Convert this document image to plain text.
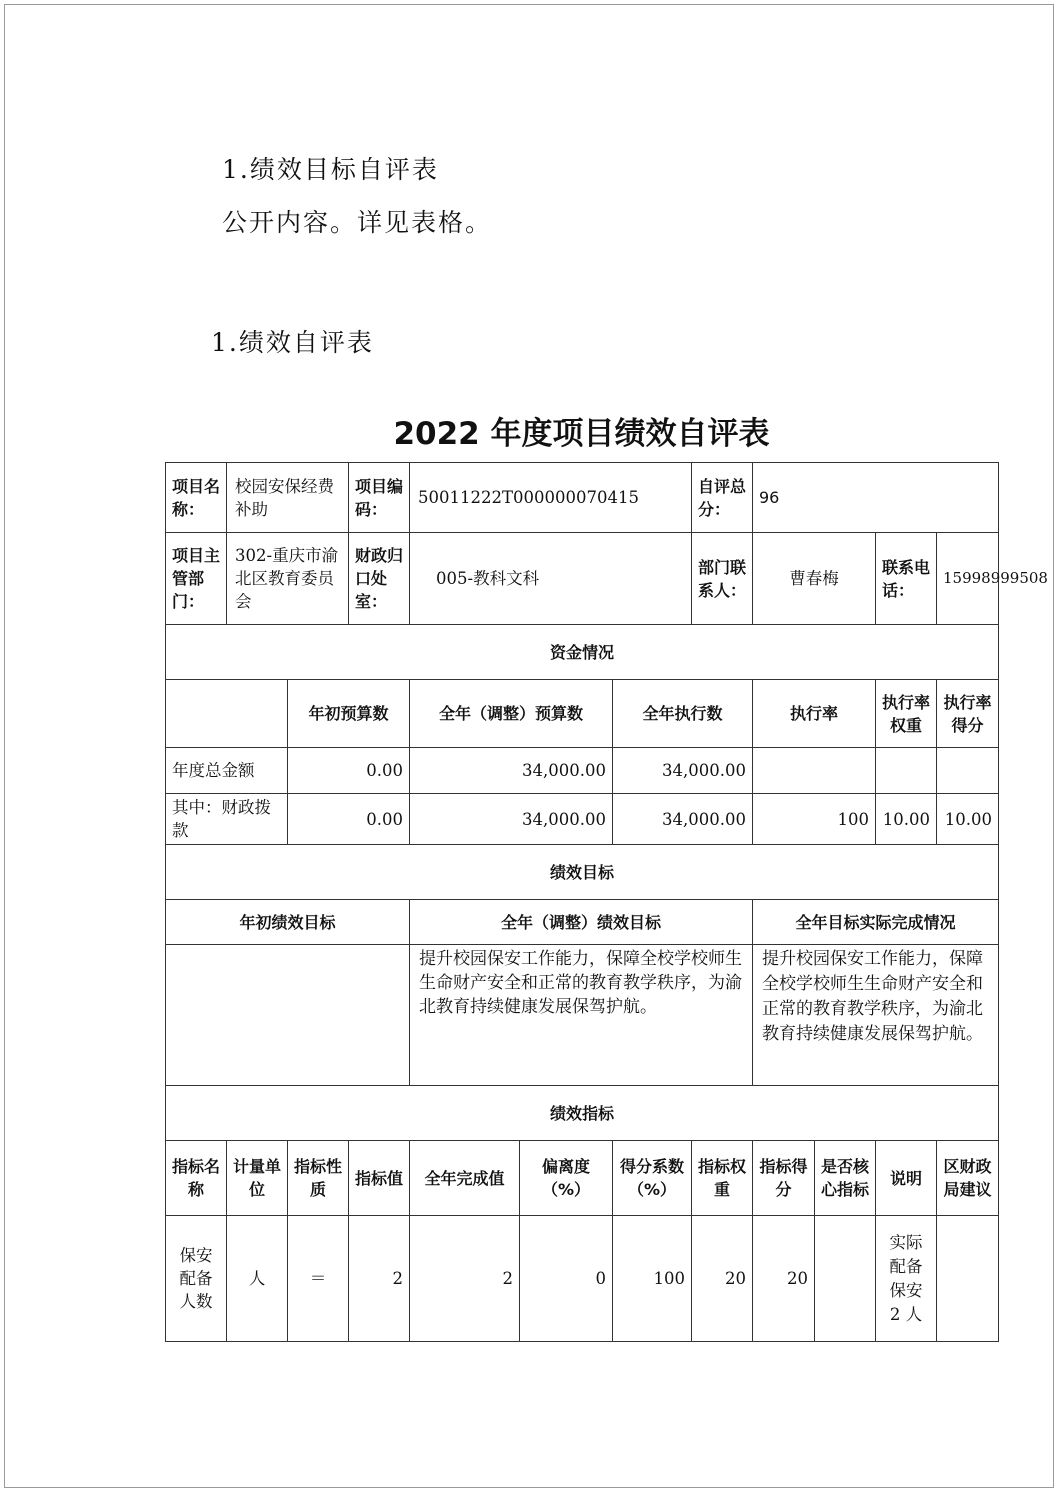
1.绩效目标自评表
公开内容。详见表格。
1.绩效自评表
2022 年度项目绩效自评表
项目名称：	校园安保经费补助		项目编码：	50011222T000000070415			自评总分：	96			
项目主管部门：	302-重庆市渝北区教育委员会		财政归口处室：	005-教科文科			部门联系人：	曹春梅		联系电话：	15998999508
资金情况											
		年初预算数		全年（调整）预算数		全年执行数		执行率		执行率权重	执行率得分
年度总金额		0.00		34,000.00		34,000.00					
其中：财政拨款		0.00		34,000.00		34,000.00		100		10.00	10.00
绩效目标											
年初绩效目标				全年（调整）绩效目标				全年目标实际完成情况			
				提升校园保安工作能力，保障全校学校师生生命财产安全和正常的教育教学秩序，为渝北教育持续健康发展保驾护航。				提升校园保安工作能力，保障全校学校师生生命财产安全和正常的教育教学秩序，为渝北教育持续健康发展保驾护航。			
绩效指标											
指标名称	计量单位	指标性质	指标值	全年完成值	偏离度（%）	得分系数（%）	指标权重	指标得分	是否核心指标	说明	区财政局建议
保安配备人数	人	＝	2	2	0	100	20	20		实际配备保安 2 人	
